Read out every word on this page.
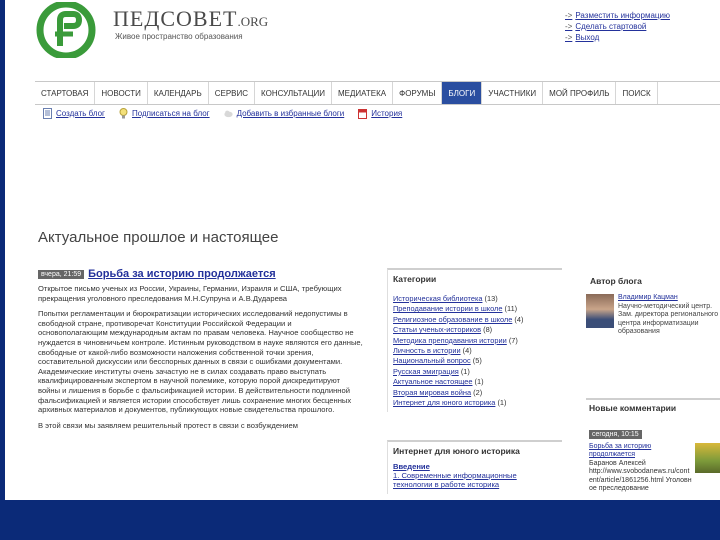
ПЕДСОВЕТ.ORG
Живое пространство образования
-> Разместить информацию
-> Сделать стартовой
-> Выход
СТАРТОВАЯ	НОВОСТИ	КАЛЕНДАРЬ	СЕРВИС	КОНСУЛЬТАЦИИ	МЕДИАТЕКА	ФОРУМЫ	БЛОГИ	УЧАСТНИКИ	МОЙ ПРОФИЛЬ	ПОИСК
Создать блог	Подписаться на блог	Добавить в избранные блоги	История
Актуальное прошлое и настоящее
вчера, 21:59 Борьба за историю продолжается

Открытое письмо ученых из России, Украины, Германии, Израиля и США, требующих прекращения уголовного преследования М.Н.Супруна и А.В.Дударева

Попытки регламентации и бюрократизации исторических исследований недопустимы в свободной стране, противоречат Конституции Российской Федерации и основополагающим международным актам по правам человека. Научное сообщество не нуждается в чиновничьем контроле. Истинным руководством в науке являются его данные, свободные от какой-либо возможности наложения собственной точки зрения, составительной дискуссии или бесспорных данных в связи с ошибками документами. Академические институты очень зачастую не в силах создавать право выступать квалифицированным экспертом в научной полемике, которую порой дискредитируют войны и лишения в борьбе с фальсификацией истории. В действительности подлинной фальсификацией и является истории способствует лишь сохранение многих бесценных архивных материалов и документов, публикующих новые свидетельства прошлого.

В этой связи мы заявляем решительный протест в связи с возбуждением

Категории
Историческая библиотека (13)
Преподавание истории в школе (11)
Религиозное образование в школе (4)
Статьи ученых-историков (8)
Методика преподавания истории (7)
Личность в истории (4)
Национальный вопрос (5)
Русская эмиграция (1)
Актуальное настоящее (1)
Вторая мировая война (2)
Интернет для юного историка (1)
Интернет для юного историка
Введение
1. Современные информационные технологии в работе историка
Автор блога
Владимир Кацман
Научно-методический центр. Зам. директора регионального центра информатизации образования
Новые комментарии
сегодня, 10:15
Борьба за историю продолжается
Баранов Алексей
http://www.svobodanews.ru/content/article/1861256.html Уголовное преследование
